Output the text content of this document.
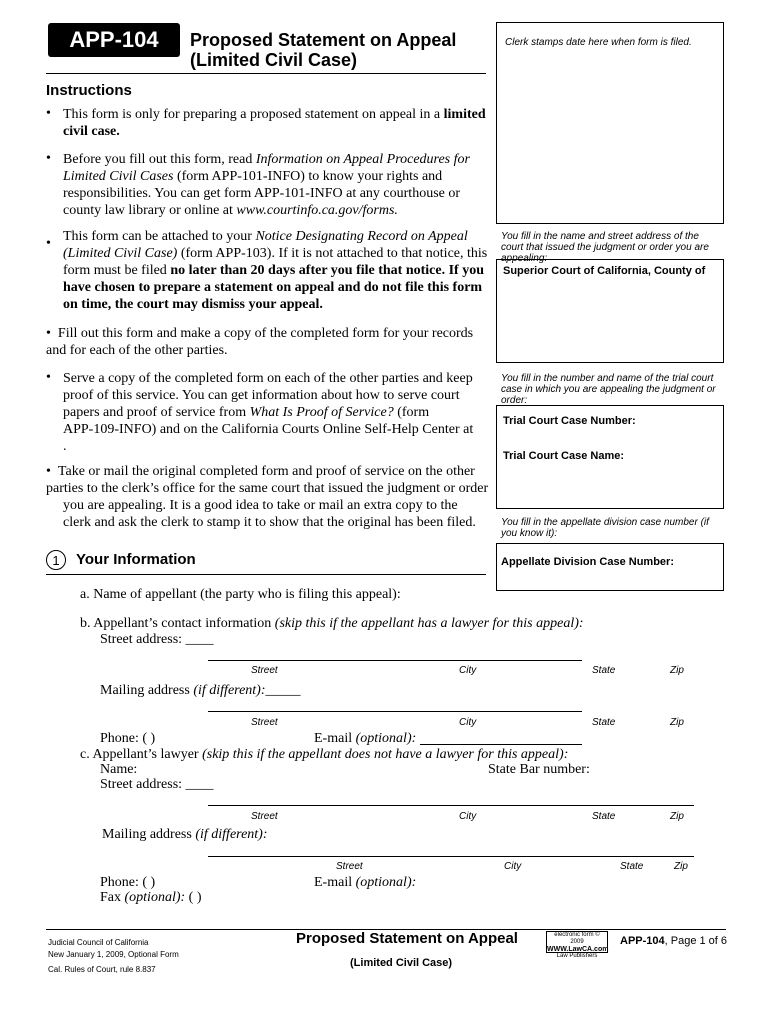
APP-104	Proposed Statement on Appeal
(Limited Civil Case)
Clerk stamps date here when form is filed.
Instructions
• This form is only for preparing a proposed statement on appeal in a limited
civil case.
• Before you fill out this form, read Information on Appeal Procedures for
Limited Civil Cases (form APP-101-INFO) to know your rights and
responsibilities. You can get form APP-101-INFO at any courthouse or
county law library or online at www.courtinfo.ca.gov/forms.
• This form can be attached to your Notice Designating Record on Appeal
(Limited Civil Case) (form APP-103). If it is not attached to that notice, this
form must be filed no later than 20 days after you file that notice. If you
have chosen to prepare a statement on appeal and do not file this form
on time, the court may dismiss your appeal.
•  Fill out this form and make a copy of the completed form for your records
and for each of the other parties.
• Serve a copy of the completed form on each of the other parties and keep
proof of this service. You can get information about how to serve court
papers and proof of service from What Is Proof of Service? (form
APP-109-INFO) and on the California Courts Online Self-Help Center at
.
•  Take or mail the original completed form and proof of service on the other
parties to the clerk’s office for the same court that issued the judgment or order
you are appealing. It is a good idea to take or mail an extra copy to the
clerk and ask the clerk to stamp it to show that the original has been filed.
You fill in the name and street address of the court that issued the judgment or order you are appealing:
Superior Court of California, County of
You fill in the number and name of the trial court case in which you are appealing the judgment or order:
Trial Court Case Number:
Trial Court Case Name:
You fill in the appellate division case number (if you know it):
Appellate Division Case Number:
1	Your Information
a. Name of appellant (the party who is filing this appeal):
b. Appellant’s contact information (skip this if the appellant has a lawyer for this appeal):
Street address: ____
Street	City	State	Zip
Mailing address (if different):_____
Street	City	State	Zip
Phone: ( )	E-mail (optional):
c. Appellant’s lawyer (skip this if the appellant does not have a lawyer for this appeal):
Name:	State Bar number:
Street address: ____
Street	City	State	Zip
Mailing address (if different):
Street	City	State	Zip
Phone: ( )	E-mail (optional):
Fax (optional): ( )
Judicial Council of California
New January 1, 2009, Optional Form
Cal. Rules of Court, rule 8.837
Proposed Statement on Appeal
(Limited Civil Case)
electronic form © 2009
WWW.LawCA.com
Law Publishers
APP-104, Page 1 of 6
